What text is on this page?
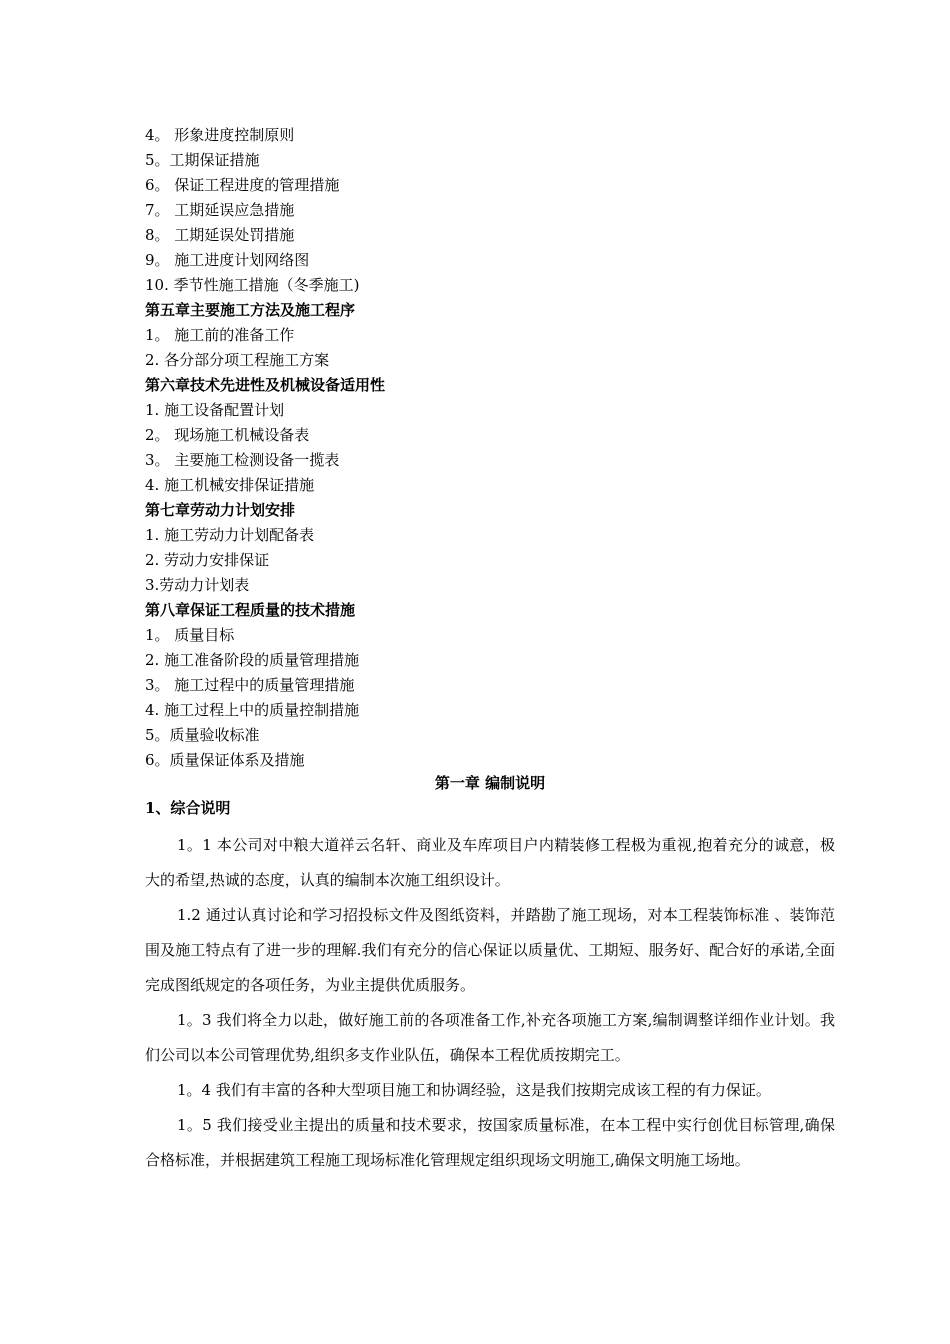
4。 形象进度控制原则
5。工期保证措施
6。 保证工程进度的管理措施
7。 工期延误应急措施
8。 工期延误处罚措施
9。 施工进度计划网络图
10. 季节性施工措施（冬季施工)
第五章主要施工方法及施工程序
1。 施工前的准备工作
2. 各分部分项工程施工方案
第六章技术先进性及机械设备适用性
1. 施工设备配置计划
2。 现场施工机械设备表
3。 主要施工检测设备一揽表
4. 施工机械安排保证措施
第七章劳动力计划安排
1. 施工劳动力计划配备表
2. 劳动力安排保证
3.劳动力计划表
第八章保证工程质量的技术措施
1。 质量目标
2. 施工准备阶段的质量管理措施
3。 施工过程中的质量管理措施
4. 施工过程上中的质量控制措施
5。质量验收标准
6。质量保证体系及措施
第一章 编制说明
1、综合说明

1。1 本公司对中粮大道祥云名轩、商业及车库项目户内精装修工程极为重视,抱着充分的诚意，极大的希望,热诚的态度，认真的编制本次施工组织设计。

1.2 通过认真讨论和学习招投标文件及图纸资料，并踏勘了施工现场，对本工程装饰标准 、装饰范围及施工特点有了进一步的理解.我们有充分的信心保证以质量优、工期短、服务好、配合好的承诺,全面完成图纸规定的各项任务，为业主提供优质服务。

1。3 我们将全力以赴，做好施工前的各项准备工作,补充各项施工方案,编制调整详细作业计划。我们公司以本公司管理优势,组织多支作业队伍，确保本工程优质按期完工。

1。4 我们有丰富的各种大型项目施工和协调经验，这是我们按期完成该工程的有力保证。

1。5 我们接受业主提出的质量和技术要求，按国家质量标准，在本工程中实行创优目标管理,确保合格标准，并根据建筑工程施工现场标准化管理规定组织现场文明施工,确保文明施工场地。
